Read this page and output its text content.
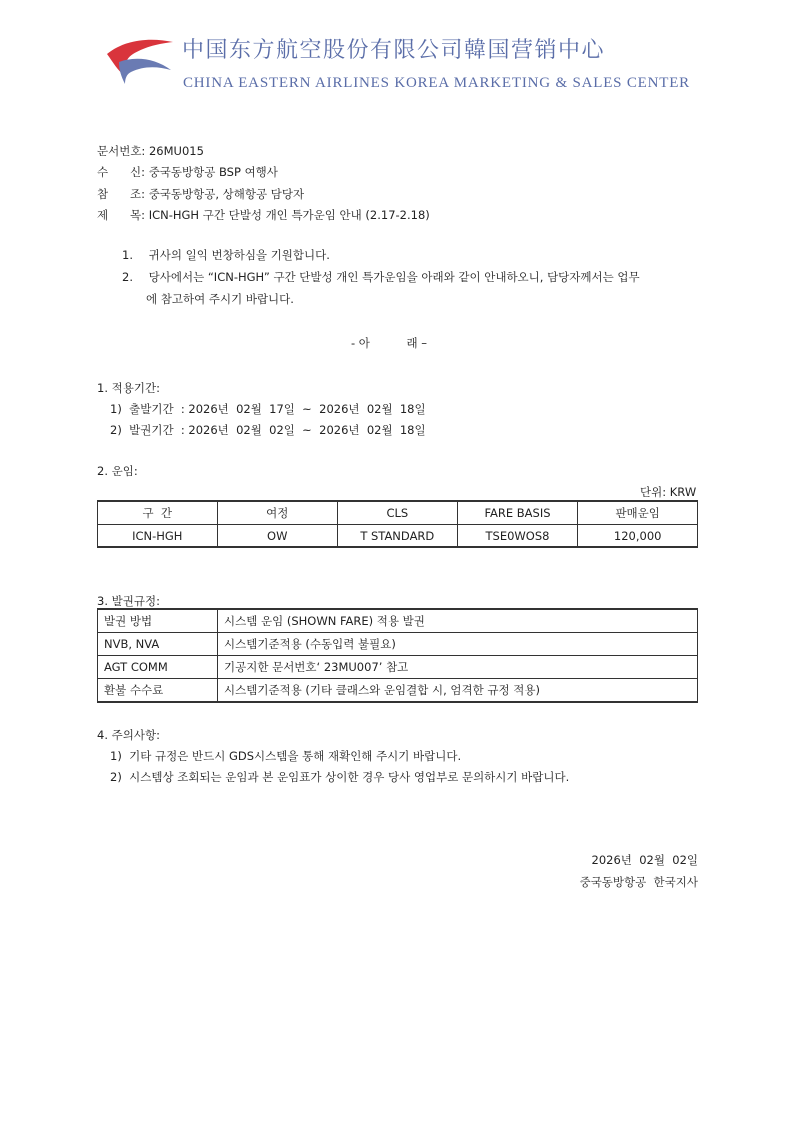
中国东方航空股份有限公司韓国营销中心
CHINA EASTERN AIRLINES KOREA MARKETING & SALES CENTER
문서번호: 26MU015
수      신: 중국동방항공 BSP 여행사
참      조: 중국동방항공, 상해항공 담당자
제      목: ICN-HGH 구간 단발성 개인 특가운임 안내 (2.17-2.18)
1. 귀사의 일익 번창하심을 기원합니다.
2. 당사에서는 “ICN-HGH” 구간 단발성 개인 특가운임을 아래와 같이 안내하오니, 담당자께서는 업무
에 참고하여 주시기 바랍니다.
- 아          래 –
1. 적용기간:
1)  출발기간  : 2026년  02월  17일  ~  2026년  02월  18일
2)  발권기간  : 2026년  02월  02일  ~  2026년  02월  18일
2. 운임:
단위: KRW
구  간	여정	CLS	FARE BASIS	판매운임
ICN-HGH	OW	T STANDARD	TSE0WOS8	120,000
3. 발권규정:
발권 방법	시스템 운임 (SHOWN FARE) 적용 발권
NVB, NVA	시스템기준적용 (수동입력 불필요)
AGT COMM	기공지한 문서번호‘ 23MU007’ 참고
환불 수수료	시스템기준적용 (기타 클래스와 운임결합 시, 엄격한 규정 적용)
4. 주의사항:
1)  기타 규정은 반드시 GDS시스템을 통해 재확인해 주시기 바랍니다.
2)  시스템상 조회되는 운임과 본 운임표가 상이한 경우 당사 영업부로 문의하시기 바랍니다.
2026년  02월  02일
중국동방항공  한국지사
